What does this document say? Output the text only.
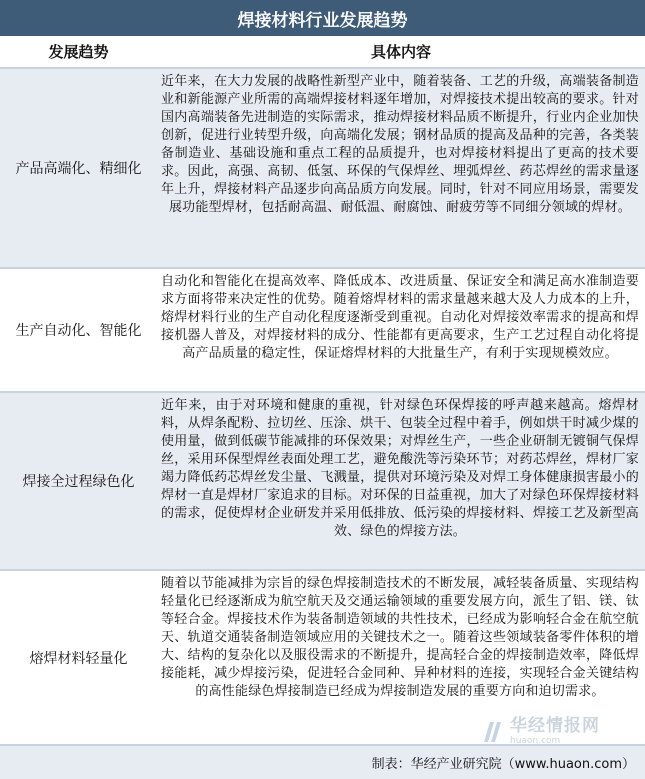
焊接材料行业发展趋势
发展趋势	具体内容
产品高端化、精细化
近年来，在大力发展的战略性新型产业中，随着装备、工艺的升级，高端装备制造业和新能源产业所需的高端焊接材料逐年增加，对焊接技术提出较高的要求。针对国内高端装备先进制造的实际需求，推动焊接材料品质不断提升，行业内企业加快创新，促进行业转型升级，向高端化发展；钢材品质的提高及品种的完善，各类装备制造业、基础设施和重点工程的品质提升，也对焊接材料提出了更高的技术要求。因此，高强、高韧、低氢、环保的气保焊丝、埋弧焊丝、药芯焊丝的需求量逐年上升，焊接材料产品逐步向高品质方向发展。同时，针对不同应用场景，需要发展功能型焊材，包括耐高温、耐低温、耐腐蚀、耐疲劳等不同细分领域的焊材。
生产自动化、智能化
自动化和智能化在提高效率、降低成本、改进质量、保证安全和满足高水准制造要求方面将带来决定性的优势。随着熔焊材料的需求量越来越大及人力成本的上升，熔焊材料行业的生产自动化程度逐渐受到重视。自动化对焊接效率需求的提高和焊接机器人普及，对焊接材料的成分、性能都有更高要求，生产工艺过程自动化将提高产品质量的稳定性，保证熔焊材料的大批量生产，有利于实现规模效应。
焊接全过程绿色化
近年来，由于对环境和健康的重视，针对绿色环保焊接的呼声越来越高。熔焊材料，从焊条配粉、拉切丝、压涂、烘干、包装全过程中着手，例如烘干时减少煤的使用量，做到低碳节能减排的环保效果；对焊丝生产，一些企业研制无镀铜气保焊丝，采用环保型焊丝表面处理工艺，避免酸洗等污染环节；对药芯焊丝，焊材厂家竭力降低药芯焊丝发尘量、飞溅量，提供对环境污染及对焊工身体健康损害最小的焊材一直是焊材厂家追求的目标。对环保的日益重视，加大了对绿色环保焊接材料的需求，促使焊材企业研发并采用低排放、低污染的焊接材料、焊接工艺及新型高效、绿色的焊接方法。
熔焊材料轻量化
随着以节能减排为宗旨的绿色焊接制造技术的不断发展，减轻装备质量、实现结构轻量化已经逐渐成为航空航天及交通运输领域的重要发展方向，派生了铝、镁、钛等轻合金。焊接技术作为装备制造领域的共性技术，已经成为影响轻合金在航空航天、轨道交通装备制造领域应用的关键技术之一。随着这些领域装备零件体积的增大、结构的复杂化以及服役需求的不断提升，提高轻合金的焊接制造效率，降低焊接能耗，减少焊接污染，促进轻合金同种、异种材料的连接，实现轻合金关键结构的高性能绿色焊接制造已经成为焊接制造发展的重要方向和迫切需求。
制表：华经产业研究院（www.huaon.com）
华经情报网
huaon.com
